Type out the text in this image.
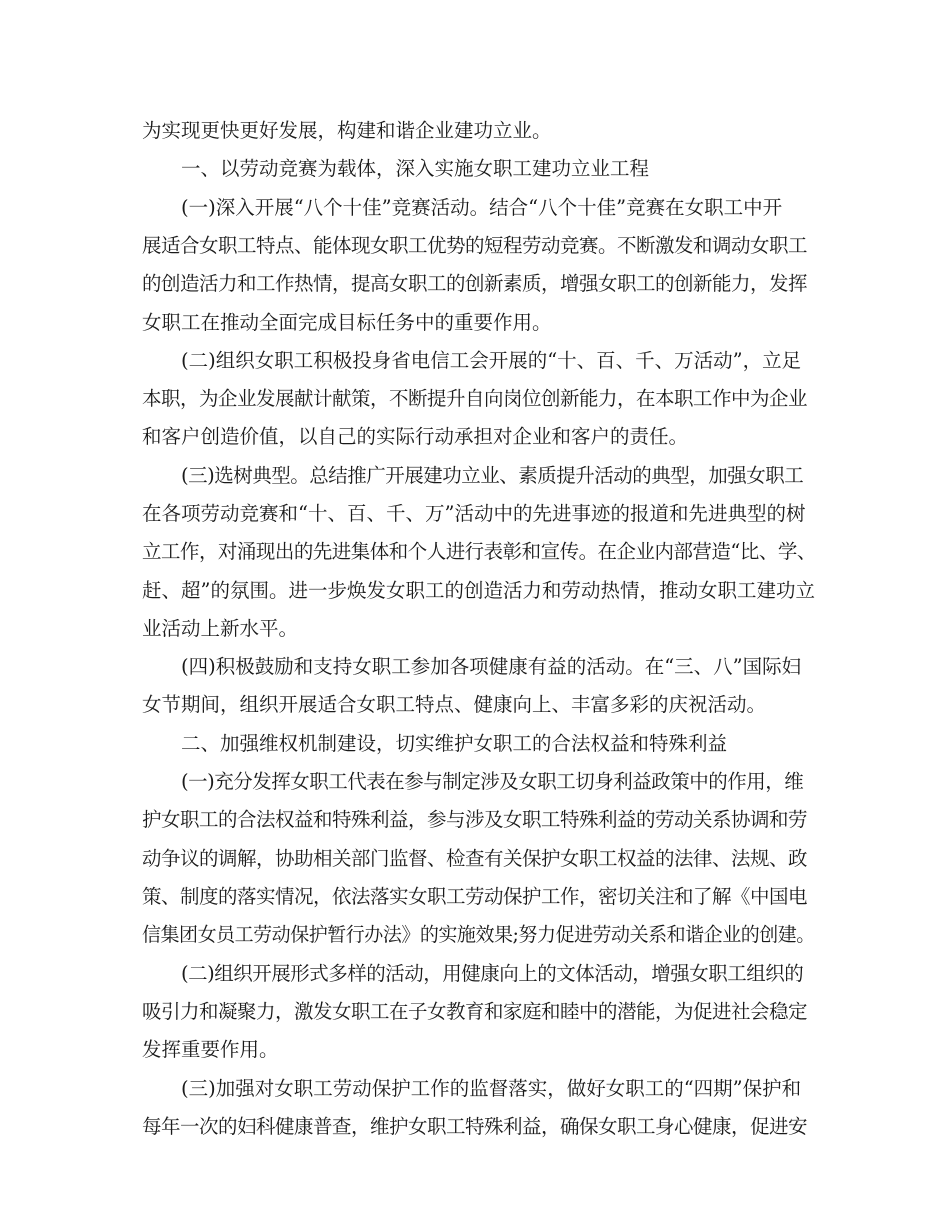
为实现更快更好发展，构建和谐企业建功立业。
一、以劳动竞赛为载体，深入实施女职工建功立业工程
(一)深入开展“八个十佳”竞赛活动。结合“八个十佳”竞赛在女职工中开
展适合女职工特点、能体现女职工优势的短程劳动竞赛。不断激发和调动女职工
的创造活力和工作热情，提高女职工的创新素质，增强女职工的创新能力，发挥
女职工在推动全面完成目标任务中的重要作用。
(二)组织女职工积极投身省电信工会开展的“十、百、千、万活动”，立足
本职，为企业发展献计献策，不断提升自向岗位创新能力，在本职工作中为企业
和客户创造价值，以自己的实际行动承担对企业和客户的责任。
(三)选树典型。总结推广开展建功立业、素质提升活动的典型，加强女职工
在各项劳动竞赛和“十、百、千、万”活动中的先进事迹的报道和先进典型的树
立工作，对涌现出的先进集体和个人进行表彰和宣传。在企业内部营造“比、学、
赶、超”的氛围。进一步焕发女职工的创造活力和劳动热情，推动女职工建功立
业活动上新水平。
(四)积极鼓励和支持女职工参加各项健康有益的活动。在“三、八”国际妇
女节期间，组织开展适合女职工特点、健康向上、丰富多彩的庆祝活动。
二、加强维权机制建设，切实维护女职工的合法权益和特殊利益
(一)充分发挥女职工代表在参与制定涉及女职工切身利益政策中的作用，维
护女职工的合法权益和特殊利益，参与涉及女职工特殊利益的劳动关系协调和劳
动争议的调解，协助相关部门监督、检查有关保护女职工权益的法律、法规、政
策、制度的落实情况，依法落实女职工劳动保护工作，密切关注和了解《中国电
信集团女员工劳动保护暂行办法》的实施效果;努力促进劳动关系和谐企业的创建。
(二)组织开展形式多样的活动，用健康向上的文体活动，增强女职工组织的
吸引力和凝聚力，激发女职工在子女教育和家庭和睦中的潜能，为促进社会稳定
发挥重要作用。
(三)加强对女职工劳动保护工作的监督落实，做好女职工的“四期”保护和
每年一次的妇科健康普查，维护女职工特殊利益，确保女职工身心健康，促进安
